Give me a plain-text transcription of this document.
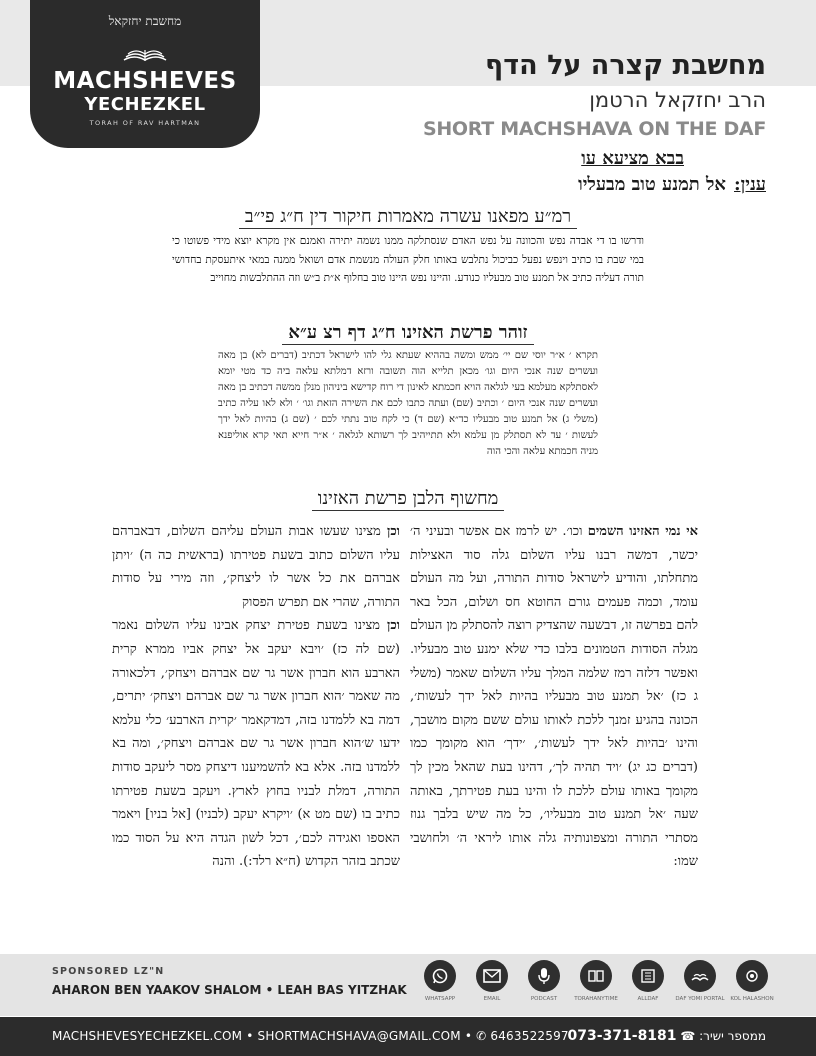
מחשבת יחזקאל
MACHSHEVES
YECHEZKEL
TORAH OF RAV HARTMAN
מחשבת קצרה על הדף
הרב יחזקאל הרטמן
SHORT MACHSHAVA ON THE DAF
בבא מציעא עו
ענין:אל תמנע טוב מבעליו
רמ״ע מפאנו עשרה מאמרות חיקור דין ח״ג פי״ב
ודרשו בו די אבדה נפש והכוונה על נפש האדם שנסתלקה ממנו נשמה יתירה ואמנם אין מקרא יוצא מידי פשוטו כי במי שבת בו כתיב וינפש נפעל כביכול נתלבש באותו חלק העולה מנשמת אדם ושואל ממנה במאי איתעסקת בחדושי תורה דעליה כתיב אל תמנע טוב מבעליו כנודע. והיינו נפש היינו טוב בחלוף א״ת ב״ש וזה ההתלבשות מחוייב
זוהר פרשת האזינו ח״ג דף רצ ע״א
תקרא ׳ א״ר יוסי שם יי׳ ממש ומשה בההיא שעתא גלי להו לישראל דכתיב (דברים לא) בן מאה ועשרים שנה אנכי היום וגו׳ מכאן תלייא הוה תשובה ורזא דמלתא עלאה ביה כד מטי יומא לאסתלקא מעלמא בעי לגלאה הויא חכמתא לאינון די רוח קדישא ביניהון מנלן ממשה דכתיב בן מאה ועשרים שנה אנכי היום ׳ וכתיב (שם) ועתה כתבו לכם את השירה הזאת וגו׳ ׳ ולא לאו עליה כתיב (משלי ג) אל תמנע טוב מבעליו כד״א (שם ד) כי לקח טוב נתתי לכם ׳ (שם ג) בהיות לאל ידך לעשות ׳ עד לא תסתלק מן עלמא ולא תתייהיב לך רשותא לגלאה ׳ א״ר חייא תאי קרא אוליפנא מניה חכמתא עלאה והכי הוה
מחשוף הלבן פרשת האזינו

אי נמי האזינו השמים וכו׳. יש לרמז אם אפשר ובעיני ה׳ יכשר, דמשה רבנו עליו השלום גלה סוד האצילות מתחלתו, והודיע לישראל סודות התורה, ועל מה העולם עומד, וכמה פעמים גורם החוטא חס ושלום, הכל באר להם בפרשה זו, דבשעה שהצדיק רוצה להסתלק מן העולם מגלה הסודות הטמונים בלבו כדי שלא ימנע טוב מבעליו. ואפשר דלזה רמז שלמה המלך עליו השלום שאמר (משלי ג כז) ׳אל תמנע טוב מבעליו בהיות לאל ידך לעשות׳, הכונה בהגיע זמנך ללכת לאותו עולם ששם מקום מושבך, והינו ׳בהיות לאל ידך לעשות׳, ׳ידך׳ הוא מקומך כמו (דברים כג יג) ׳ויד תהיה לך׳, דהינו בעת שהאל מכין לך מקומך באותו עולם ללכת לו והינו בעת פטירתך, באותה שעה ׳אל תמנע טוב מבעליו׳, כל מה שיש בלבך גנוז מסתרי התורה ומצפונותיה גלה אותו ליראי ה׳ ולחושבי שמו:

וכן מצינו שעשו אבות העולם עליהם השלום, דבאברהם עליו השלום כתוב בשעת פטירתו (בראשית כה ה) ׳ויתן אברהם את כל אשר לו ליצחק׳, וזה מירי על סודות התורה, שהרי אם תפרש הפסוק

וכן מצינו בשעת פטירת יצחק אבינו עליו השלום נאמר (שם לה כז) ׳ויבא יעקב אל יצחק אביו ממרא קרית הארבע הוא חברון אשר גר שם אברהם ויצחק׳, דלכאורה מה שאמר ׳הוא חברון אשר גר שם אברהם ויצחק׳ יתרים, דמה בא ללמדנו בזה, דמדקאמר ׳קרית הארבע׳ כלי עלמא ידעו ש׳הוא חברון אשר גר שם אברהם ויצחק׳, ומה בא ללמדנו בזה. אלא בא להשמיענו דיצחק מסר ליעקב סודות התורה, דמלת לבניו בחוץ לארץ. ויעקב בשעת פטירתו כתיב בו (שם מט א) ׳ויקרא יעקב (לבניו) [אל בניו] ויאמר האספו ואגידה לכם׳, דכל לשון הגדה היא על הסוד כמו שכתב בזהר הקדוש (ח״א רלד:). והנה

SPONSORED LZ"N
AHARON BEN YAAKOV SHALOM • LEAH BAS YITZHAK
WHATSAPP	EMAIL	PODCAST	TORAHANYTIME	ALLDAF	DAF YOMI PORTAL	KOL HALASHON
MACHSHEVESYECHEZKEL.COM • SHORTMACHSHAVA@GMAIL.COM • ✆ 6463522597	ממספר ישיר: ☎ 073-371-8181
